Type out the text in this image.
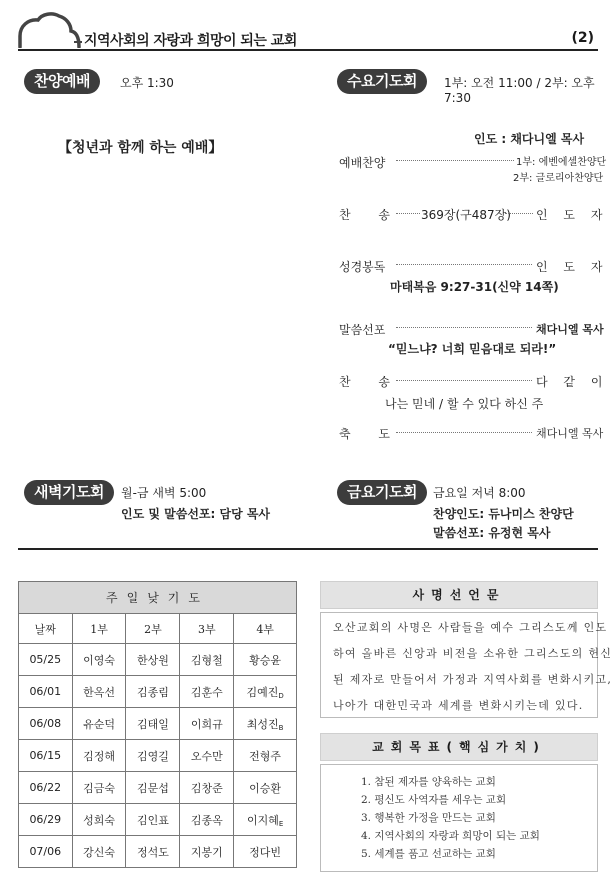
지역사회의 자랑과 희망이 되는 교회	(2)
찬양예배	오후 1:30
【청년과 함께 하는 예배】
수요기도회	1부: 오전 11:00 / 2부: 오후 7:30
인도 : 채다니엘 목사
예배찬양	1부: 에벤에셀찬양단
2부: 글로리아찬양단
찬 송 369장(구487장) 인 도 자
성경봉독	인 도 자
마태복음 9:27-31(신약 14쪽)
말씀선포	채다니엘 목사
“믿느냐? 너희 믿음대로 되라!”
찬 송	다 같 이
나는 믿네 / 할 수 있다 하신 주
축 도	채다니엘 목사
새벽기도회	월-금 새벽 5:00
인도 및 말씀선포: 담당 목사
금요기도회	금요일 저녁 8:00
찬양인도: 듀나미스 찬양단
말씀선포: 유정현 목사
주일낮기도				
날짜	1부	2부	3부	4부
05/25	이영숙	한상원	김형철	황승윤
06/01	한옥선	김종림	김훈수	김예진$_D$
06/08	유순덕	김태일	이희규	최성진$_B$
06/15	김정해	김영길	오수만	전형주
06/22	김금숙	김문섭	김창준	이승환
06/29	성희숙	김인표	김종옥	이지혜$_E$
07/06	강신숙	정석도	지봉기	정다빈
사명선언문

오산교회의 사명은 사람들을 예수 그리스도께 인도

하여 올바른 신앙과 비전을 소유한 그리스도의 헌신

된 제자로 만들어서 가정과 지역사회를 변화시키고,

나아가 대한민국과 세계를 변화시키는데 있다.

교회목표(핵심가치)
1. 참된 제자를 양육하는 교회
2. 평신도 사역자를 세우는 교회
3. 행복한 가정을 만드는 교회
4. 지역사회의 자랑과 희망이 되는 교회
5. 세계를 품고 선교하는 교회
